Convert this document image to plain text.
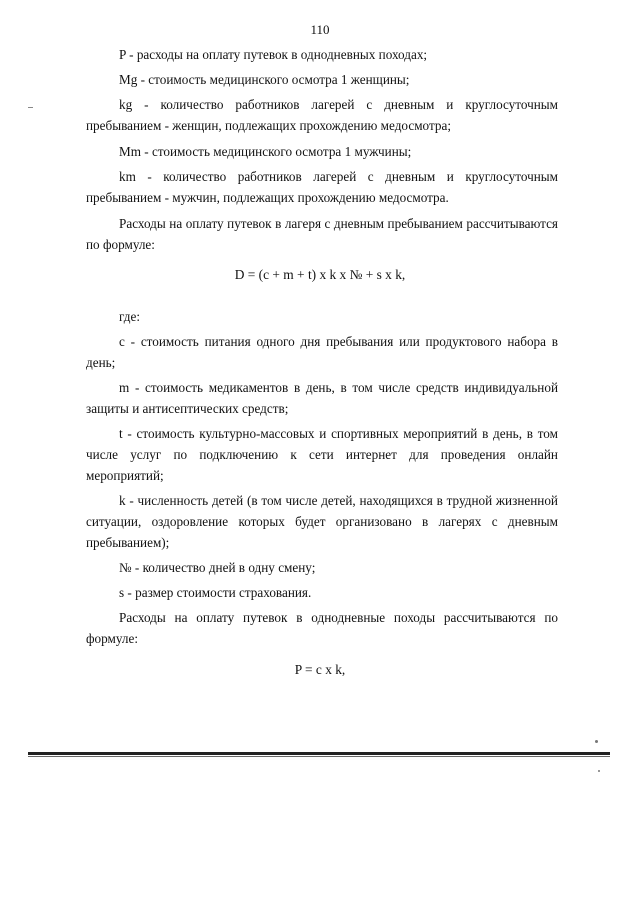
110

P - расходы на оплату путевок в однодневных походах;

Mg - стоимость медицинского осмотра 1 женщины;

kg - количество работников лагерей с дневным и круглосуточным пребыванием - женщин, подлежащих прохождению медосмотра;

Mm - стоимость медицинского осмотра 1 мужчины;

km - количество работников лагерей с дневным и круглосуточным пребыванием - мужчин, подлежащих прохождению медосмотра.

Расходы на оплату путевок в лагеря с дневным пребыванием рассчитываются по формуле:

D = (c + m + t) x k x № + s x k,

где:

c - стоимость питания одного дня пребывания или продуктового набора в день;

m - стоимость медикаментов в день, в том числе средств индивидуальной защиты и антисептических средств;

t - стоимость культурно-массовых и спортивных мероприятий в день, в том числе услуг по подключению к сети интернет для проведения онлайн мероприятий;

k - численность детей (в том числе детей, находящихся в трудной жизненной ситуации, оздоровление которых будет организовано в лагерях с дневным пребыванием);

№ - количество дней в одну смену;

s - размер стоимости страхования.

Расходы на оплату путевок в однодневные походы рассчитываются по формуле:

P = c x k,
